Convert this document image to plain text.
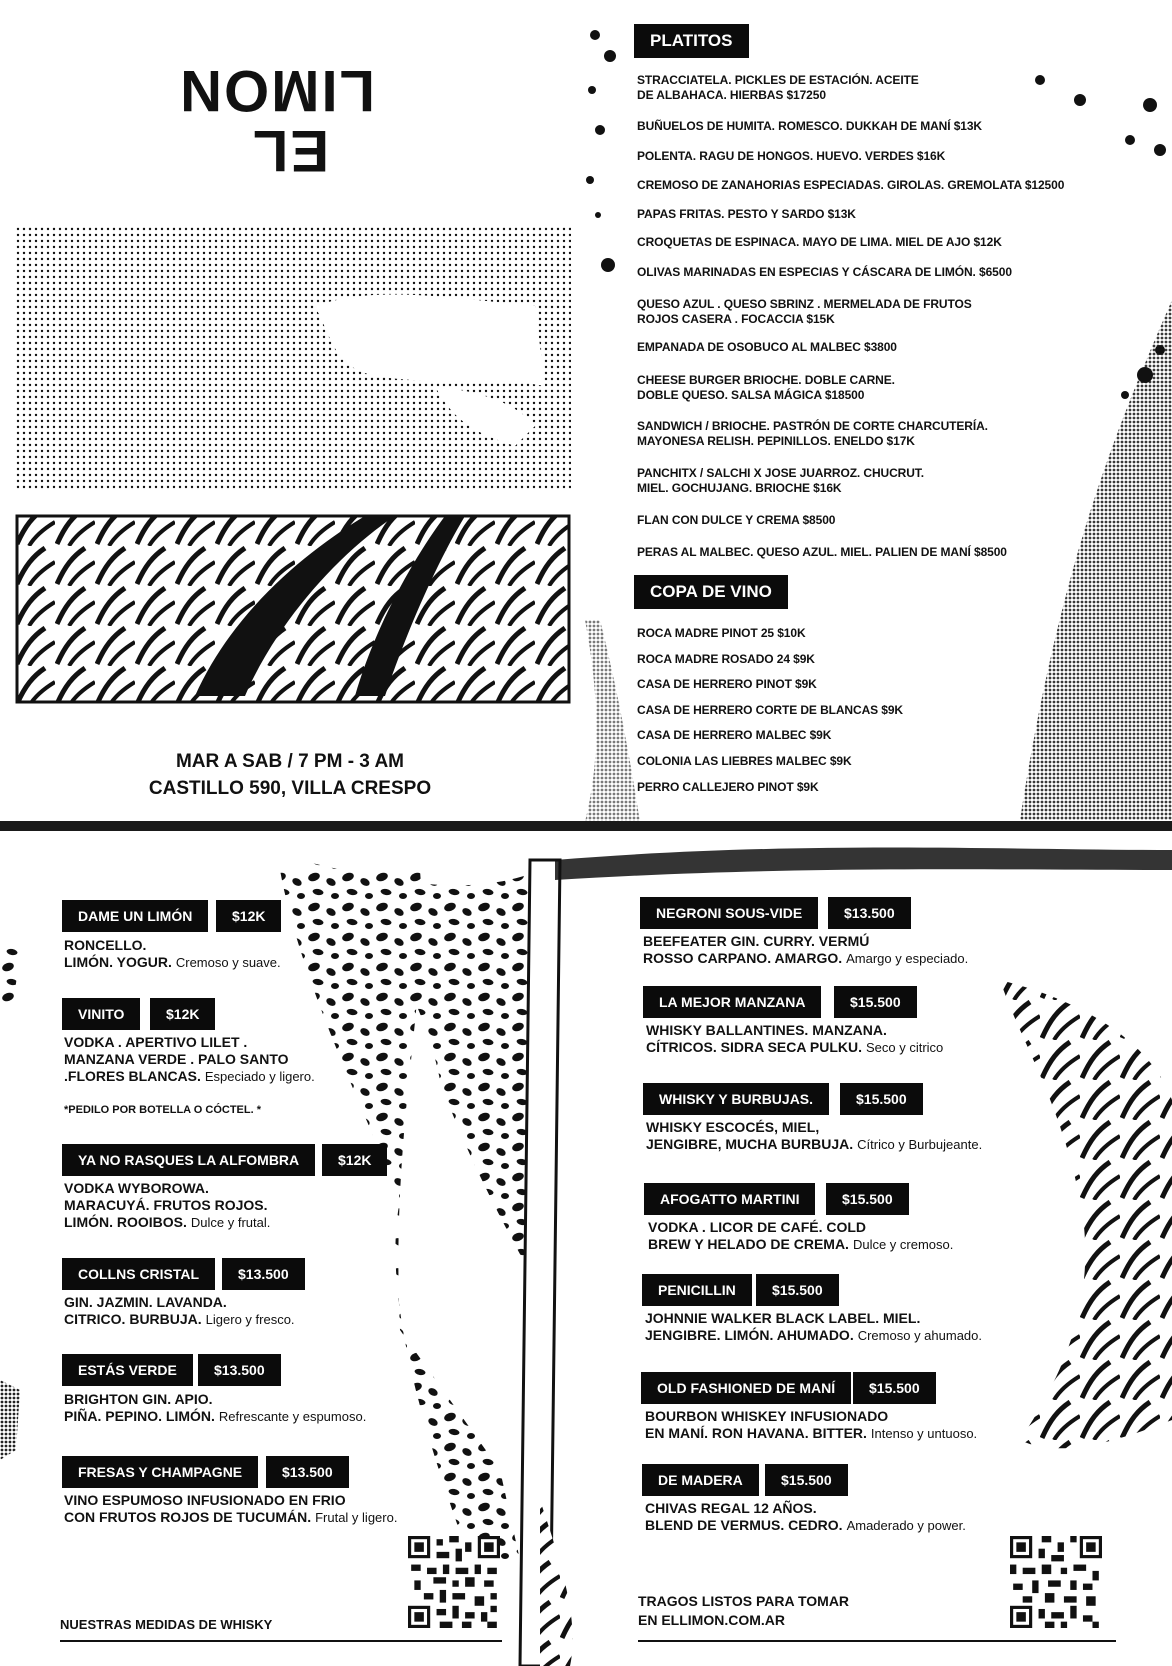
EL LIMON
MAR A SAB / 7 PM - 3 AM
CASTILLO 590, VILLA CRESPO
PLATITOS
STRACCIATELA. PICKLES DE ESTACIÓN. ACEITE DE ALBAHACA. HIERBAS $17250
BUÑUELOS DE HUMITA. ROMESCO. DUKKAH DE MANÍ $13K
POLENTA. RAGU DE HONGOS. HUEVO. VERDES $16K
CREMOSO DE ZANAHORIAS ESPECIADAS. GIROLAS. GREMOLATA $12500
PAPAS FRITAS. PESTO Y SARDO $13K
CROQUETAS DE ESPINACA. MAYO DE LIMA. MIEL DE AJO $12K
OLIVAS MARINADAS EN ESPECIAS Y CÁSCARA DE LIMÓN. $6500
QUESO AZUL . QUESO SBRINZ . MERMELADA DE FRUTOS ROJOS CASERA . FOCACCIA $15K
EMPANADA DE OSOBUCO AL MALBEC $3800
CHEESE BURGER BRIOCHE. DOBLE CARNE. DOBLE QUESO. SALSA MÁGICA $18500
SANDWICH / BRIOCHE. PASTRÓN DE CORTE CHARCUTERÍA. MAYONESA RELISH. PEPINILLOS. ENELDO $17K
PANCHITX / SALCHI X JOSE JUARROZ. CHUCRUT. MIEL. GOCHUJANG. BRIOCHE $16K
FLAN CON DULCE Y CREMA $8500
PERAS AL MALBEC. QUESO AZUL. MIEL. PALIEN DE MANÍ $8500
COPA DE VINO
ROCA MADRE PINOT 25 $10K
ROCA MADRE ROSADO 24 $9K
CASA DE HERRERO PINOT $9K
CASA DE HERRERO CORTE DE BLANCAS $9K
CASA DE HERRERO MALBEC $9K
COLONIA LAS LIEBRES MALBEC $9K
PERRO CALLEJERO PINOT $9K
DAME UN LIMÓN	$12K
RONCELLO.
LIMÓN. YOGUR. Cremoso y suave.
VINITO	$12K
VODKA . APERTIVO LILET .
MANZANA VERDE . PALO SANTO
.FLORES BLANCAS. Especiado y ligero.
*PEDILO POR BOTELLA O CÓCTEL. *
YA NO RASQUES LA ALFOMBRA	$12K
VODKA WYBOROWA.
MARACUYÁ. FRUTOS ROJOS.
LIMÓN. ROOIBOS. Dulce y frutal.
COLLNS CRISTAL	$13.500
GIN. JAZMIN. LAVANDA.
CITRICO. BURBUJA. Ligero y fresco.
ESTÁS VERDE	$13.500
BRIGHTON GIN. APIO.
PIÑA. PEPINO. LIMÓN. Refrescante y espumoso.
FRESAS Y CHAMPAGNE	$13.500
VINO ESPUMOSO INFUSIONADO EN FRIO
CON FRUTOS ROJOS DE TUCUMÁN. Frutal y ligero.
NEGRONI SOUS-VIDE	$13.500
BEEFEATER GIN. CURRY. VERMÚ
ROSSO CARPANO. AMARGO. Amargo y especiado.
LA MEJOR MANZANA	$15.500
WHISKY BALLANTINES. MANZANA.
CÍTRICOS. SIDRA SECA PULKU. Seco y citrico
WHISKY Y BURBUJAS.	$15.500
WHISKY ESCOCÉS, MIEL,
JENGIBRE, MUCHA BURBUJA. Cítrico y Burbujeante.
AFOGATTO MARTINI	$15.500
VODKA . LICOR DE CAFÉ. COLD
BREW Y HELADO DE CREMA. Dulce y cremoso.
PENICILLIN	$15.500
JOHNNIE WALKER BLACK LABEL. MIEL.
JENGIBRE. LIMÓN. AHUMADO. Cremoso y ahumado.
OLD FASHIONED DE MANÍ	$15.500
BOURBON WHISKEY INFUSIONADO
EN MANÍ. RON HAVANA. BITTER. Intenso y untuoso.
DE MADERA	$15.500
CHIVAS REGAL 12 AÑOS.
BLEND DE VERMUS. CEDRO. Amaderado y power.
NUESTRAS MEDIDAS DE WHISKY
TRAGOS LISTOS PARA TOMAR
EN ELLIMON.COM.AR
